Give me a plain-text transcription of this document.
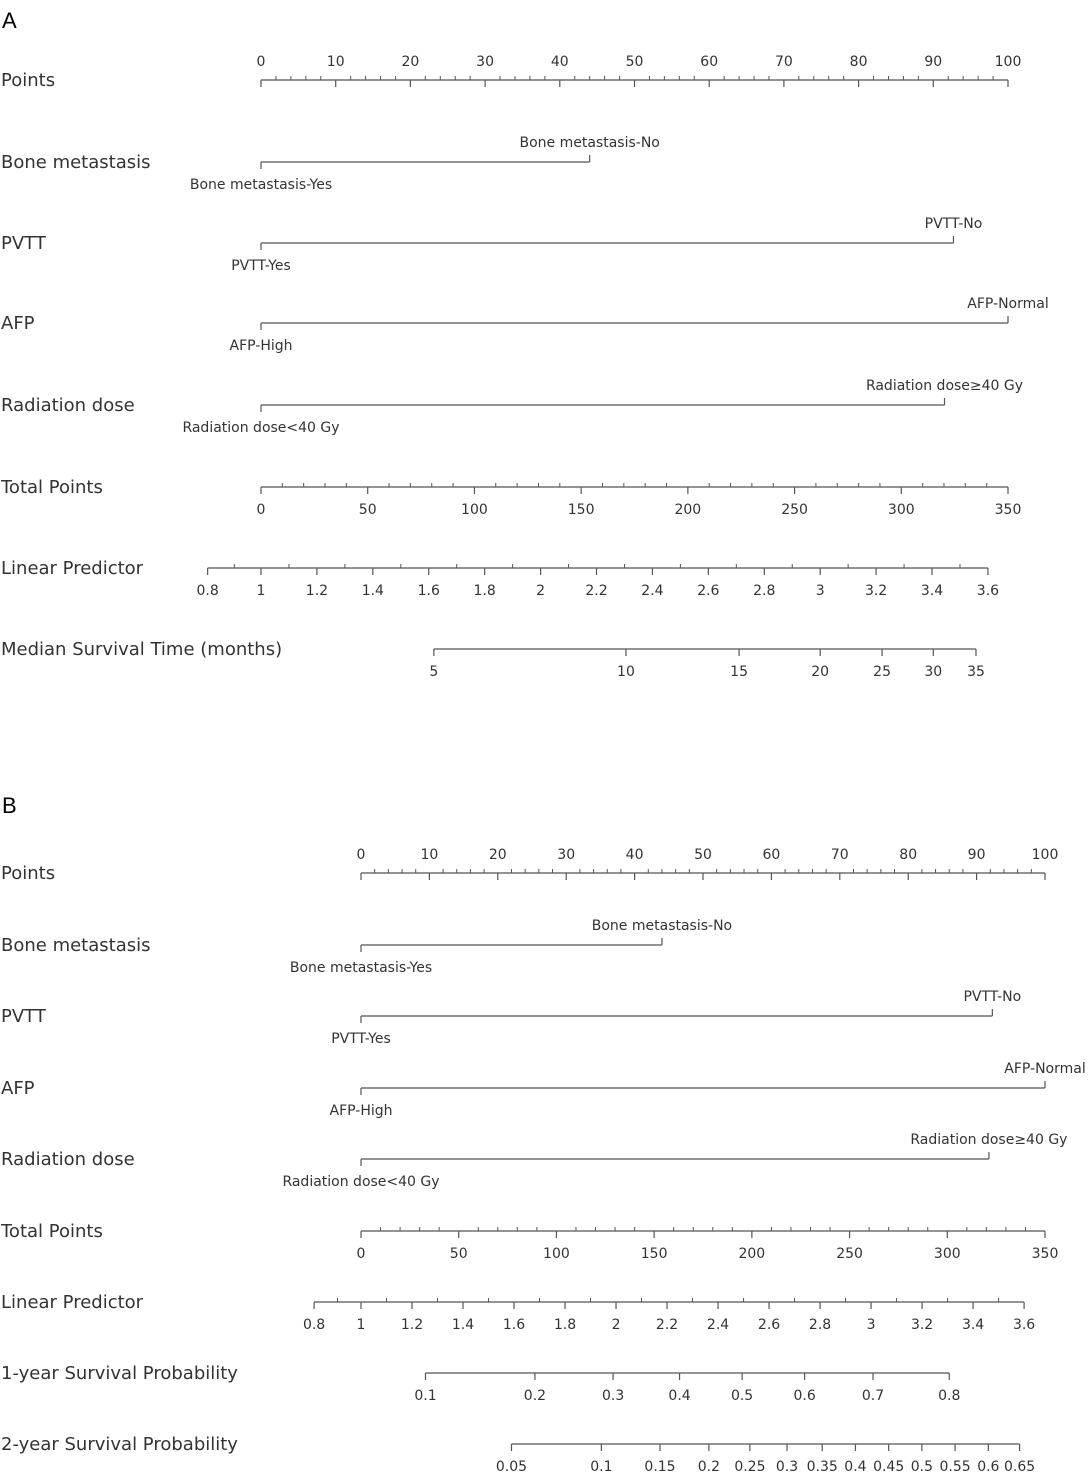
A
B
Points
0	10	20	30	40	50	60	70	80	90	100
Bone metastasis
Bone metastasis-Yes
Bone metastasis-No
PVTT
PVTT-Yes
PVTT-No
AFP
AFP-High
AFP-Normal
Radiation dose
Radiation dose<40 Gy
Radiation dose≥40 Gy
Total Points
0	50	100	150	200	250	300	350
Linear Predictor
0.8	1	1.2 1.4 1.6 1.8	2	2.2 2.4 2.6 2.8	3	3.2 3.4 3.6
Median Survival Time (months)
5	10	15	20	25 30 35
Points
0	10	20	30	40	50	60	70	80	90	100
Bone metastasis
Bone metastasis-Yes
Bone metastasis-No
PVTT
PVTT-Yes
PVTT-No
AFP
AFP-High
AFP-Normal
Radiation dose
Radiation dose<40 Gy
Radiation dose≥40 Gy
Total Points
0	50	100	150	200	250	300	350
Linear Predictor
0.8 1	1.2 1.4 1.6 1.8	2	2.2 2.4 2.6 2.8	3	3.2 3.4 3.6
1-year Survival Probability
0.1	0.2	0.3	0.4	0.5	0.6	0.7	0.8
2-year Survival Probability
0.05	0.1 0.15 0.2 0.25 0.3 0.35 0.4 0.45 0.5 0.55 0.6 0.65
